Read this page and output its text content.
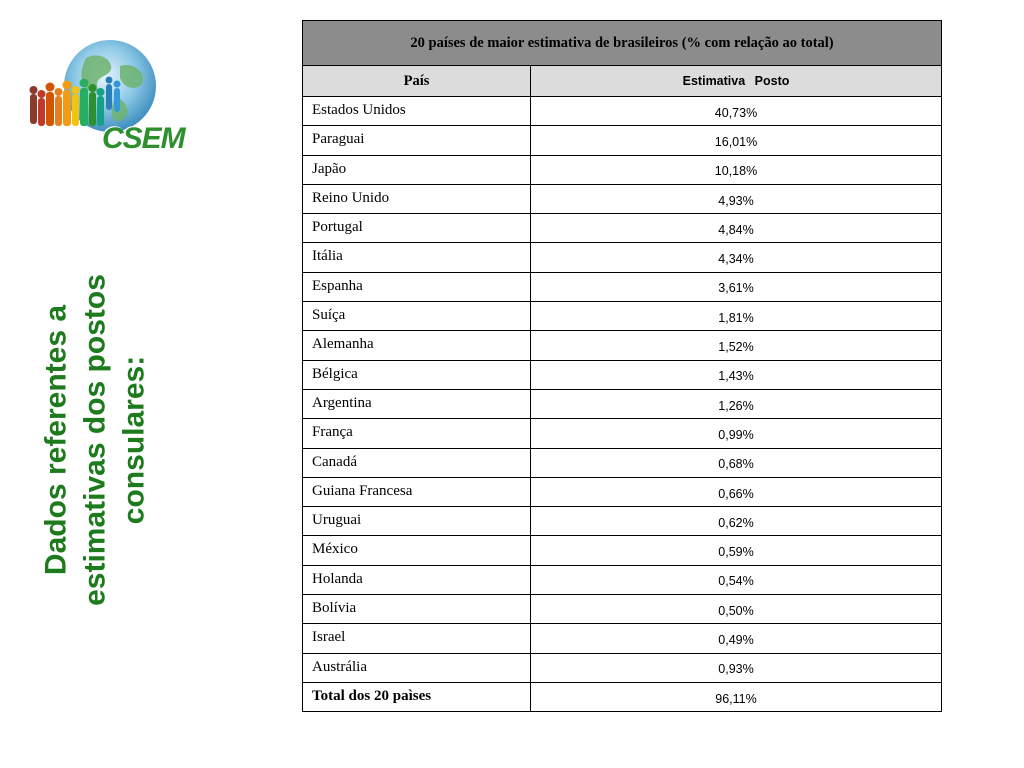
CSEM
Dados referentes a estimativas dos postos consulares:
20 países de maior estimativa de brasileiros (% com relação ao total)	
País	Estimativa Posto
Estados Unidos	40,73%
Paraguai	16,01%
Japão	10,18%
Reino Unido	4,93%
Portugal	4,84%
Itália	4,34%
Espanha	3,61%
Suíça	1,81%
Alemanha	1,52%
Bélgica	1,43%
Argentina	1,26%
França	0,99%
Canadá	0,68%
Guiana Francesa	0,66%
Uruguai	0,62%
México	0,59%
Holanda	0,54%
Bolívia	0,50%
Israel	0,49%
Austrália	0,93%
Total dos 20 paìses	96,11%
